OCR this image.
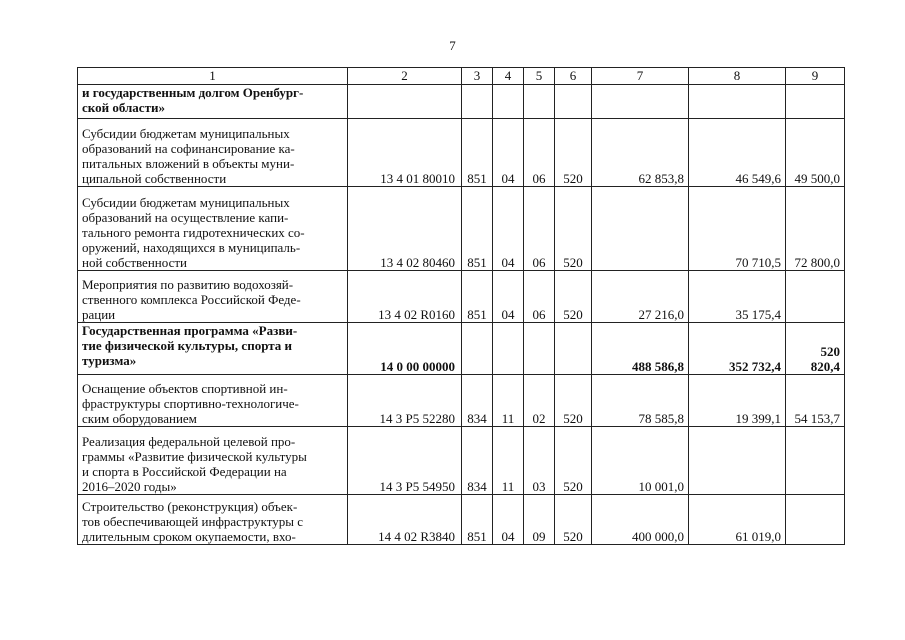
7
1	2	3	4	5	6	7	8	9

и государственным долгом Оренбург-
ской области»								

Субсидии бюджетам муниципальных
образований на софинансирование ка-
питальных вложений в объекты муни-
ципальной собственности	13 4 01 80010	851	04	06	520	62 853,8	46 549,6	49 500,0

Субсидии бюджетам муниципальных
образований на осуществление капи-
тального ремонта гидротехнических со-
оружений, находящихся в муниципаль-
ной собственности	13 4 02 80460	851	04	06	520		70 710,5	72 800,0

Мероприятия по развитию водохозяй-
ственного комплекса Российской Феде-
рации	13 4 02 R0160	851	04	06	520	27 216,0	35 175,4	

Государственная программа «Разви-
тие физической культуры, спорта и
туризма»	14 0 00 00000					488 586,8	352 732,4	520 820,4

Оснащение объектов спортивной ин-
фраструктуры спортивно-технологиче-
ским оборудованием	14 3 P5 52280	834	11	02	520	78 585,8	19 399,1	54 153,7

Реализация федеральной целевой про-
граммы «Развитие физической культуры
и спорта в Российской Федерации на
2016–2020 годы»	14 3 P5 54950	834	11	03	520	10 001,0		

Строительство (реконструкция) объек-
тов обеспечивающей инфраструктуры с
длительным сроком окупаемости, вхо-	14 4 02 R3840	851	04	09	520	400 000,0	61 019,0	
